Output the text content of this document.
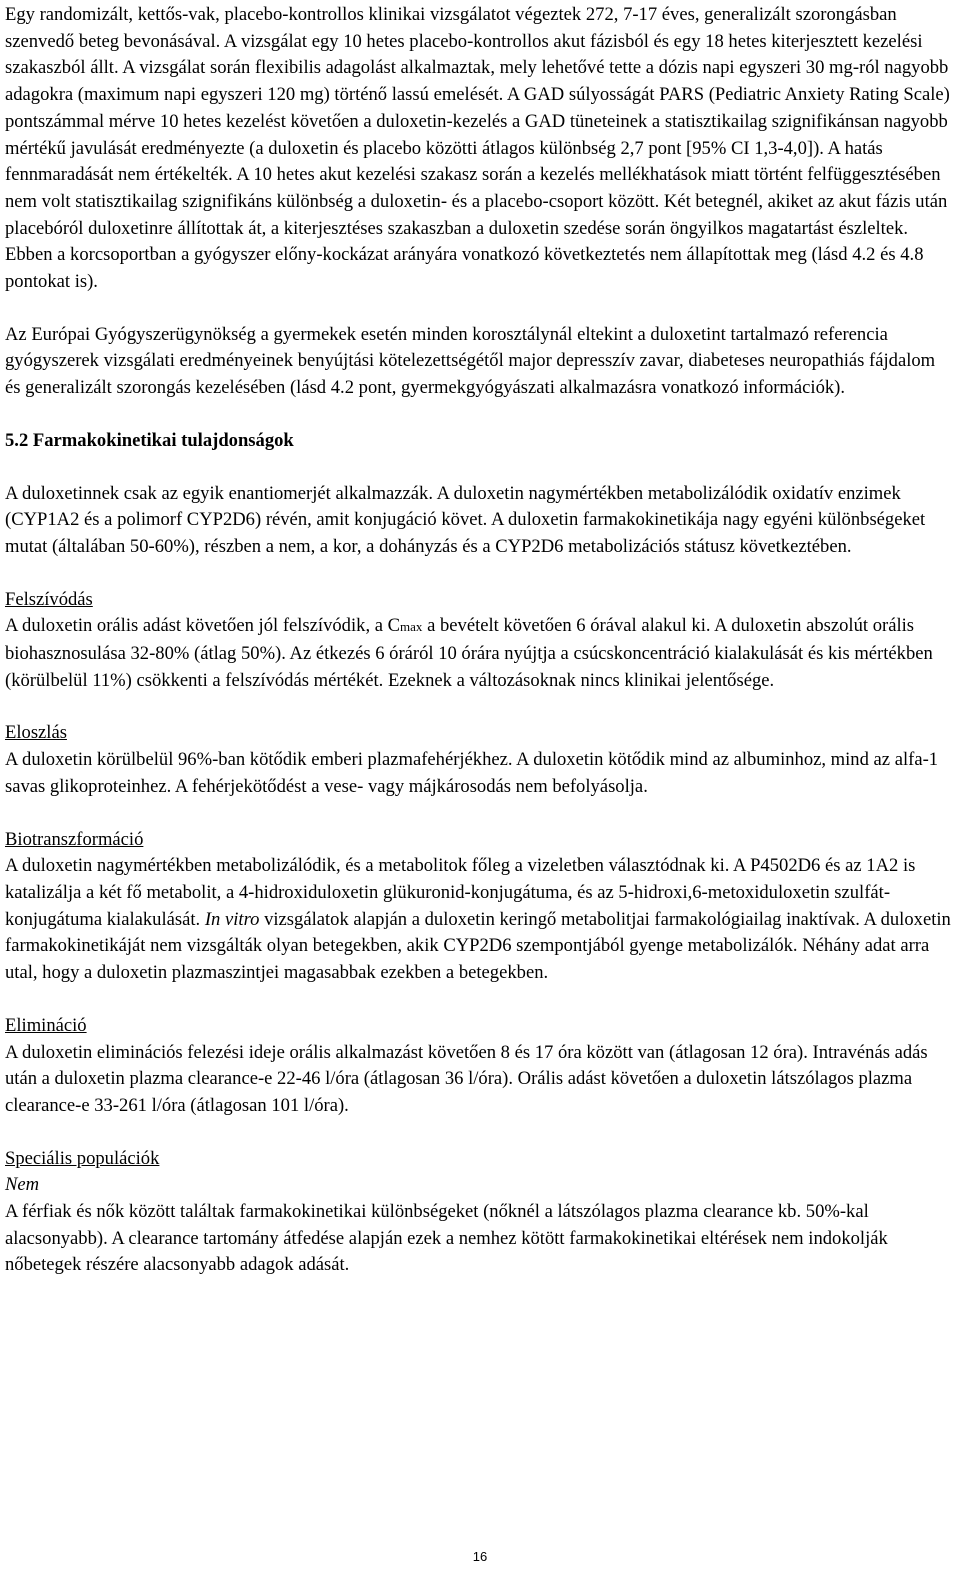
Egy randomizált, kettős-vak, placebo-kontrollos klinikai vizsgálatot végeztek 272, 7-17 éves, generalizált szorongásban szenvedő beteg bevonásával. A vizsgálat egy 10 hetes placebo-kontrollos akut fázisból és egy 18 hetes kiterjesztett kezelési szakaszból állt. A vizsgálat során flexibilis adagolást alkalmaztak, mely lehetővé tette a dózis napi egyszeri 30 mg-ról nagyobb adagokra (maximum napi egyszeri 120 mg) történő lassú emelését. A GAD súlyosságát PARS (Pediatric Anxiety Rating Scale) pontszámmal mérve 10 hetes kezelést követően a duloxetin-kezelés a GAD tüneteinek a statisztikailag szignifikánsan nagyobb mértékű javulását eredményezte (a duloxetin és placebo közötti átlagos különbség 2,7 pont [95% CI 1,3-4,0]). A hatás fennmaradását nem értékelték. A 10 hetes akut kezelési szakasz során a kezelés mellékhatások miatt történt felfüggesztésében nem volt statisztikailag szignifikáns különbség a duloxetin- és a placebo-csoport között. Két betegnél, akiket az akut fázis után placebóról duloxetinre állítottak át, a kiterjesztéses szakaszban a duloxetin szedése során öngyilkos magatartást észleltek. Ebben a korcsoportban a gyógyszer előny-kockázat arányára vonatkozó következtetés nem állapítottak meg (lásd 4.2 és 4.8 pontokat is).

Az Európai Gyógyszerügynökség a gyermekek esetén minden korosztálynál eltekint a duloxetint tartalmazó referencia gyógyszerek vizsgálati eredményeinek benyújtási kötelezettségétől major depresszív zavar, diabeteses neuropathiás fájdalom és generalizált szorongás kezelésében (lásd 4.2 pont, gyermekgyógyászati alkalmazásra vonatkozó információk).

5.2 Farmakokinetikai tulajdonságok

A duloxetinnek csak az egyik enantiomerjét alkalmazzák. A duloxetin nagymértékben metabolizálódik oxidatív enzimek (CYP1A2 és a polimorf CYP2D6) révén, amit konjugáció követ. A duloxetin farmakokinetikája nagy egyéni különbségeket mutat (általában 50-60%), részben a nem, a kor, a dohányzás és a CYP2D6 metabolizációs státusz következtében.

Felszívódás

A duloxetin orális adást követően jól felszívódik, a Cmax a bevételt követően 6 órával alakul ki. A duloxetin abszolút orális biohasznosulása 32-80% (átlag 50%). Az étkezés 6 óráról 10 órára nyújtja a csúcskoncentráció kialakulását és kis mértékben (körülbelül 11%) csökkenti a felszívódás mértékét. Ezeknek a változásoknak nincs klinikai jelentősége.

Eloszlás

A duloxetin körülbelül 96%-ban kötődik emberi plazmafehérjékhez. A duloxetin kötődik mind az albuminhoz, mind az alfa-1 savas glikoproteinhez. A fehérjekötődést a vese- vagy májkárosodás nem befolyásolja.

Biotranszformáció

A duloxetin nagymértékben metabolizálódik, és a metabolitok főleg a vizeletben választódnak ki. A P4502D6 és az 1A2 is katalizálja a két fő metabolit, a 4-hidroxiduloxetin glükuronid-konjugátuma, és az 5-hidroxi,6-metoxiduloxetin szulfát-konjugátuma kialakulását. In vitro vizsgálatok alapján a duloxetin keringő metabolitjai farmakológiailag inaktívak. A duloxetin farmakokinetikáját nem vizsgálták olyan betegekben, akik CYP2D6 szempontjából gyenge metabolizálók. Néhány adat arra utal, hogy a duloxetin plazmaszintjei magasabbak ezekben a betegekben.

Elimináció

A duloxetin eliminációs felezési ideje orális alkalmazást követően 8 és 17 óra között van (átlagosan 12 óra). Intravénás adás után a duloxetin plazma clearance-e 22-46 l/óra (átlagosan 36 l/óra). Orális adást követően a duloxetin látszólagos plazma clearance-e 33-261 l/óra (átlagosan 101 l/óra).

Speciális populációk

Nem

A férfiak és nők között találtak farmakokinetikai különbségeket (nőknél a látszólagos plazma clearance kb. 50%-kal alacsonyabb). A clearance tartomány átfedése alapján ezek a nemhez kötött farmakokinetikai eltérések nem indokolják nőbetegek részére alacsonyabb adagok adását.

16
